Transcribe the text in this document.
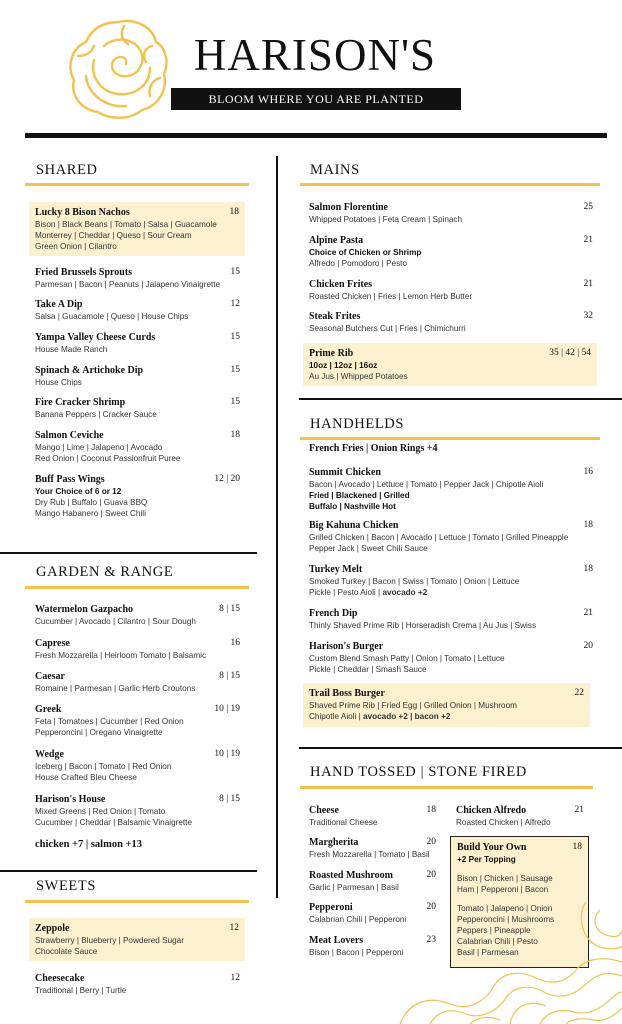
HARISON'S
BLOOM WHERE YOU ARE PLANTED
SHARED
Lucky 8 Bison Nachos	18
Bison | Black Beans | Tomato | Salsa | Guacamole
Monterrey | Cheddar | Queso | Sour Cream
Green Onion | Cilantro
Fried Brussels Sprouts	15
Parmesan | Bacon | Peanuts | Jalapeno Vinaigrette
Take A Dip	12
Salsa | Guacamole | Queso | House Chips
Yampa Valley Cheese Curds	15
House Made Ranch
Spinach & Artichoke Dip	15
House Chips
Fire Cracker Shrimp	15
Banana Peppers | Cracker Sauce
Salmon Ceviche	18
Mango | Lime | Jalapeno | Avocado
Red Onion | Coconut Passionfruit Puree
Buff Pass Wings	12 | 20
Your Choice of 6 or 12
Dry Rub | Buffalo | Guava BBQ
Mango Habanero | Sweet Chili
GARDEN & RANGE
Watermelon Gazpacho	8 | 15
Cucumber | Avocado | Cilantro | Sour Dough
Caprese	16
Fresh Mozzarella | Heirloom Tomato | Balsamic
Caesar	8 | 15
Romaine | Parmesan | Garlic Herb Croutons
Greek	10 | 19
Feta | Tomatoes | Cucumber | Red Onion
Pepperoncini | Oregano Vinaigrette
Wedge	10 | 19
Iceberg | Bacon | Tomato | Red Onion
House Crafted Bleu Cheese
Harison's House	8 | 15
Mixed Greens | Red Onion | Tomato
Cucumber | Cheddar | Balsamic Vinaigrette
chicken +7 | salmon +13
SWEETS
Zeppole	12
Strawberry | Blueberry | Powdered Sugar
Chocolate Sauce
Cheesecake	12
Traditional | Berry | Turtle
MAINS
Salmon Florentine	25
Whipped Potatoes | Feta Cream | Spinach
Alpine Pasta	21
Choice of Chicken or Shrimp
Alfredo | Pomodoro | Pesto
Chicken Frites	21
Roasted Chicken | Fries | Lemon Herb Butter
Steak Frites	32
Seasonal Butchers Cut | Fries | Chimichurri
Prime Rib	35 | 42 | 54
10oz | 12oz | 16oz
Au Jus | Whipped Potatoes
HANDHELDS
French Fries | Onion Rings +4
Summit Chicken	16
Bacon | Avocado | Lettuce | Tomato | Pepper Jack | Chipotle Aioli
Fried | Blackened | Grilled
Buffalo | Nashville Hot
Big Kahuna Chicken	18
Grilled Chicken | Bacon | Avocado | Lettuce | Tomato | Grilled Pineapple
Pepper Jack | Sweet Chili Sauce
Turkey Melt	18
Smoked Turkey | Bacon | Swiss | Tomato | Onion | Lettuce
Pickle | Pesto Aioli | avocado +2
French Dip	21
Thinly Shaved Prime Rib | Horseradish Crema | Au Jus | Swiss
Harison's Burger	20
Custom Blend Smash Patty | Onion | Tomato | Lettuce
Pickle | Cheddar | Smash Sauce
Trail Boss Burger	22
Shaved Prime Rib | Fried Egg | Grilled Onion | Mushroom
Chipotle Aioli | avocado +2 | bacon +2
HAND TOSSED | STONE FIRED
Cheese	18
Traditional Cheese
Margherita	20
Fresh Mozzarella | Tomato | Basil
Roasted Mushroom	20
Garlic | Parmesan | Basil
Pepperoni	20
Calabrian Chili | Pepperoni
Meat Lovers	23
Bison | Bacon | Pepperoni
Chicken Alfredo	21
Roasted Chicken | Alfredo
Build Your Own	18
+2 Per Topping
Bison | Chicken | Sausage
Ham | Pepperoni | Bacon
Tomato | Jalapeno | Onion
Pepperoncini | Mushrooms
Peppers | Pineapple
Calabrian Chili | Pesto
Basil | Parmesan
